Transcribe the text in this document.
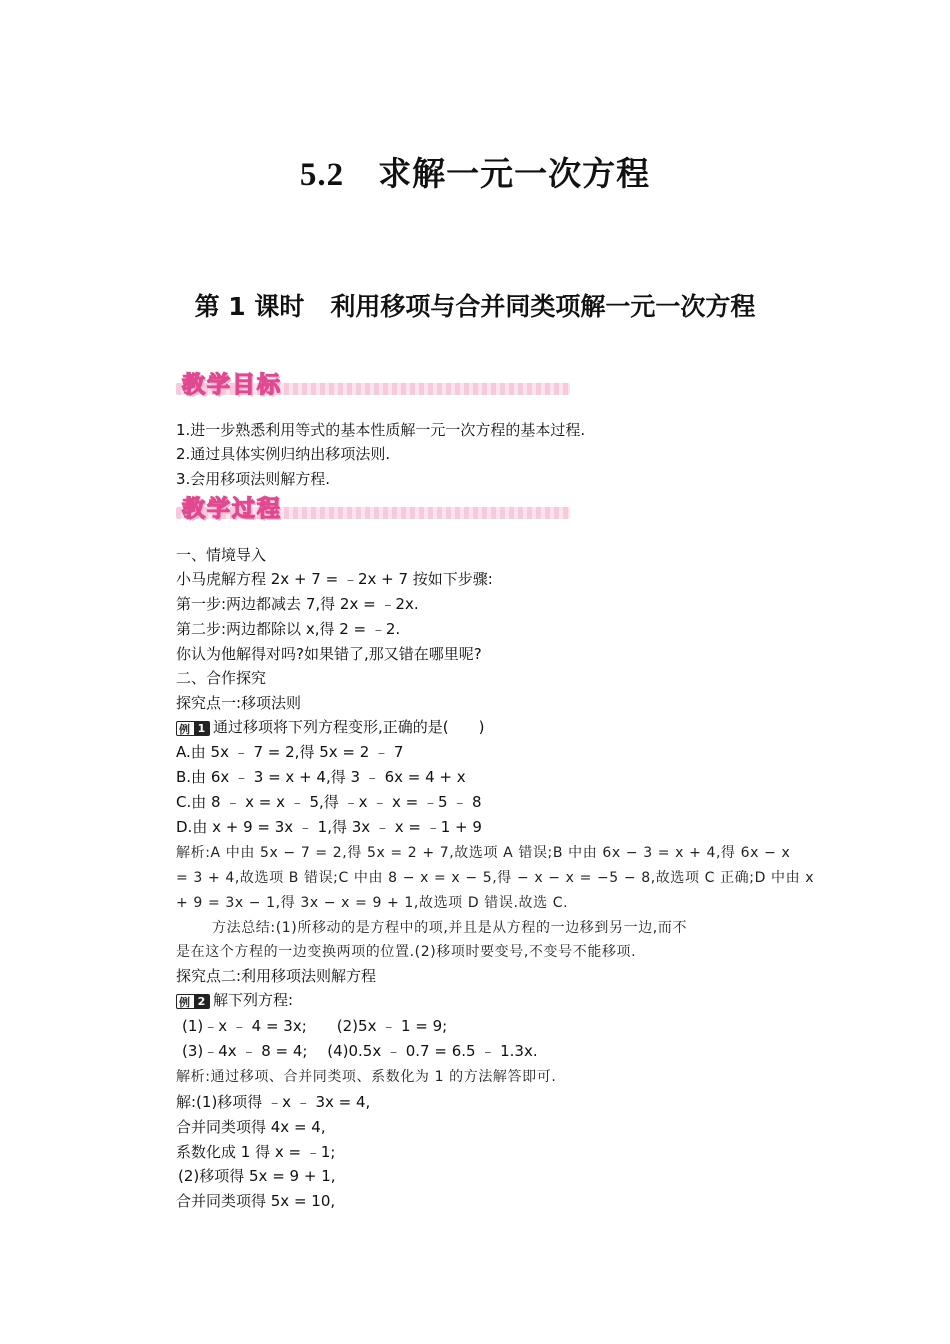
5.2 求解一元一次方程
第 1 课时 利用移项与合并同类项解一元一次方程
教学目标
1.进一步熟悉利用等式的基本性质解一元一次方程的基本过程.
2.通过具体实例归纳出移项法则.
3.会用移项法则解方程.
教学过程
一、情境导入
小马虎解方程 2x + 7 = ﹣2x + 7 按如下步骤:
第一步:两边都减去 7,得 2x = ﹣2x.
第二步:两边都除以 x,得 2 = ﹣2.
你认为他解得对吗?如果错了,那又错在哪里呢?
二、合作探究
探究点一:移项法则
例 1 通过移项将下列方程变形,正确的是(　　)
A.由 5x ﹣ 7 = 2,得 5x = 2 ﹣ 7
B.由 6x ﹣ 3 = x + 4,得 3 ﹣ 6x = 4 + x
C.由 8 ﹣ x = x ﹣ 5,得 ﹣x ﹣ x = ﹣5 ﹣ 8
D.由 x + 9 = 3x ﹣ 1,得 3x ﹣ x = ﹣1 + 9
解析:A 中由 5x − 7 = 2,得 5x = 2 + 7,故选项 A 错误;B 中由 6x − 3 = x + 4,得 6x − x
= 3 + 4,故选项 B 错误;C 中由 8 − x = x − 5,得 − x − x = −5 − 8,故选项 C 正确;D 中由 x
+ 9 = 3x − 1,得 3x − x = 9 + 1,故选项 D 错误.故选 C.
方法总结:(1)所移动的是方程中的项,并且是从方程的一边移到另一边,而不
是在这个方程的一边变换两项的位置.(2)移项时要变号,不变号不能移项.
探究点二:利用移项法则解方程
例 2 解下列方程:
(1)﹣x ﹣ 4 = 3x;　　(2)5x ﹣ 1 = 9;
(3)﹣4x ﹣ 8 = 4;　 (4)0.5x ﹣ 0.7 = 6.5 ﹣ 1.3x.
解析:通过移项、合并同类项、系数化为 1 的方法解答即可.
解:(1)移项得 ﹣x ﹣ 3x = 4,
合并同类项得 4x = 4,
系数化成 1 得 x = ﹣1;
(2)移项得 5x = 9 + 1,
合并同类项得 5x = 10,
